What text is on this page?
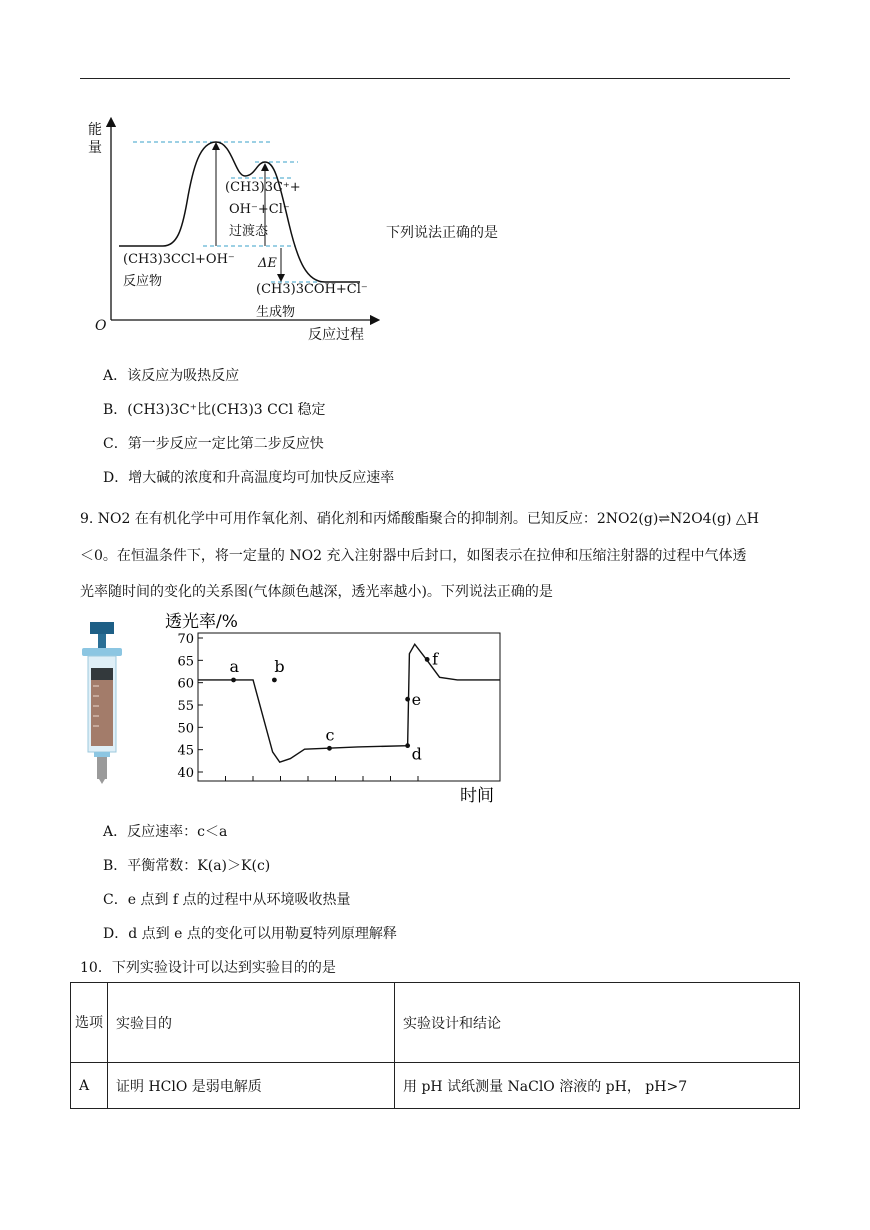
能量
O
反应过程
(CH3)3C⁺+
OH⁻+Cl⁻
过渡态
(CH3)3CCl+OH⁻
反应物
ΔE
(CH3)3COH+Cl⁻
生成物
下列说法正确的是
A．该反应为吸热反应
B．(CH3)3C⁺比(CH3)3 CCl 稳定
C．第一步反应一定比第二步反应快
D．增大碱的浓度和升高温度均可加快反应速率
9. NO2 在有机化学中可用作氧化剂、硝化剂和丙烯酸酯聚合的抑制剂。已知反应：2NO2(g)⇌N2O4(g) △H
＜0。在恒温条件下，将一定量的 NO2 充入注射器中后封口，如图表示在拉伸和压缩注射器的过程中气体透
光率随时间的变化的关系图(气体颜色越深，透光率越小)。下列说法正确的是
透光率/%
时间
70
65
60
55
50
45
40
a b
c
d
e
f
A．反应速率：c＜a
B．平衡常数：K(a)＞K(c)
C．e 点到 f 点的过程中从环境吸收热量
D．d 点到 e 点的变化可以用勒夏特列原理解释
10．下列实验设计可以达到实验目的的是
选项	实验目的	实验设计和结论
A	证明 HClO 是弱电解质	用 pH 试纸测量 NaClO 溶液的 pH， pH>7
